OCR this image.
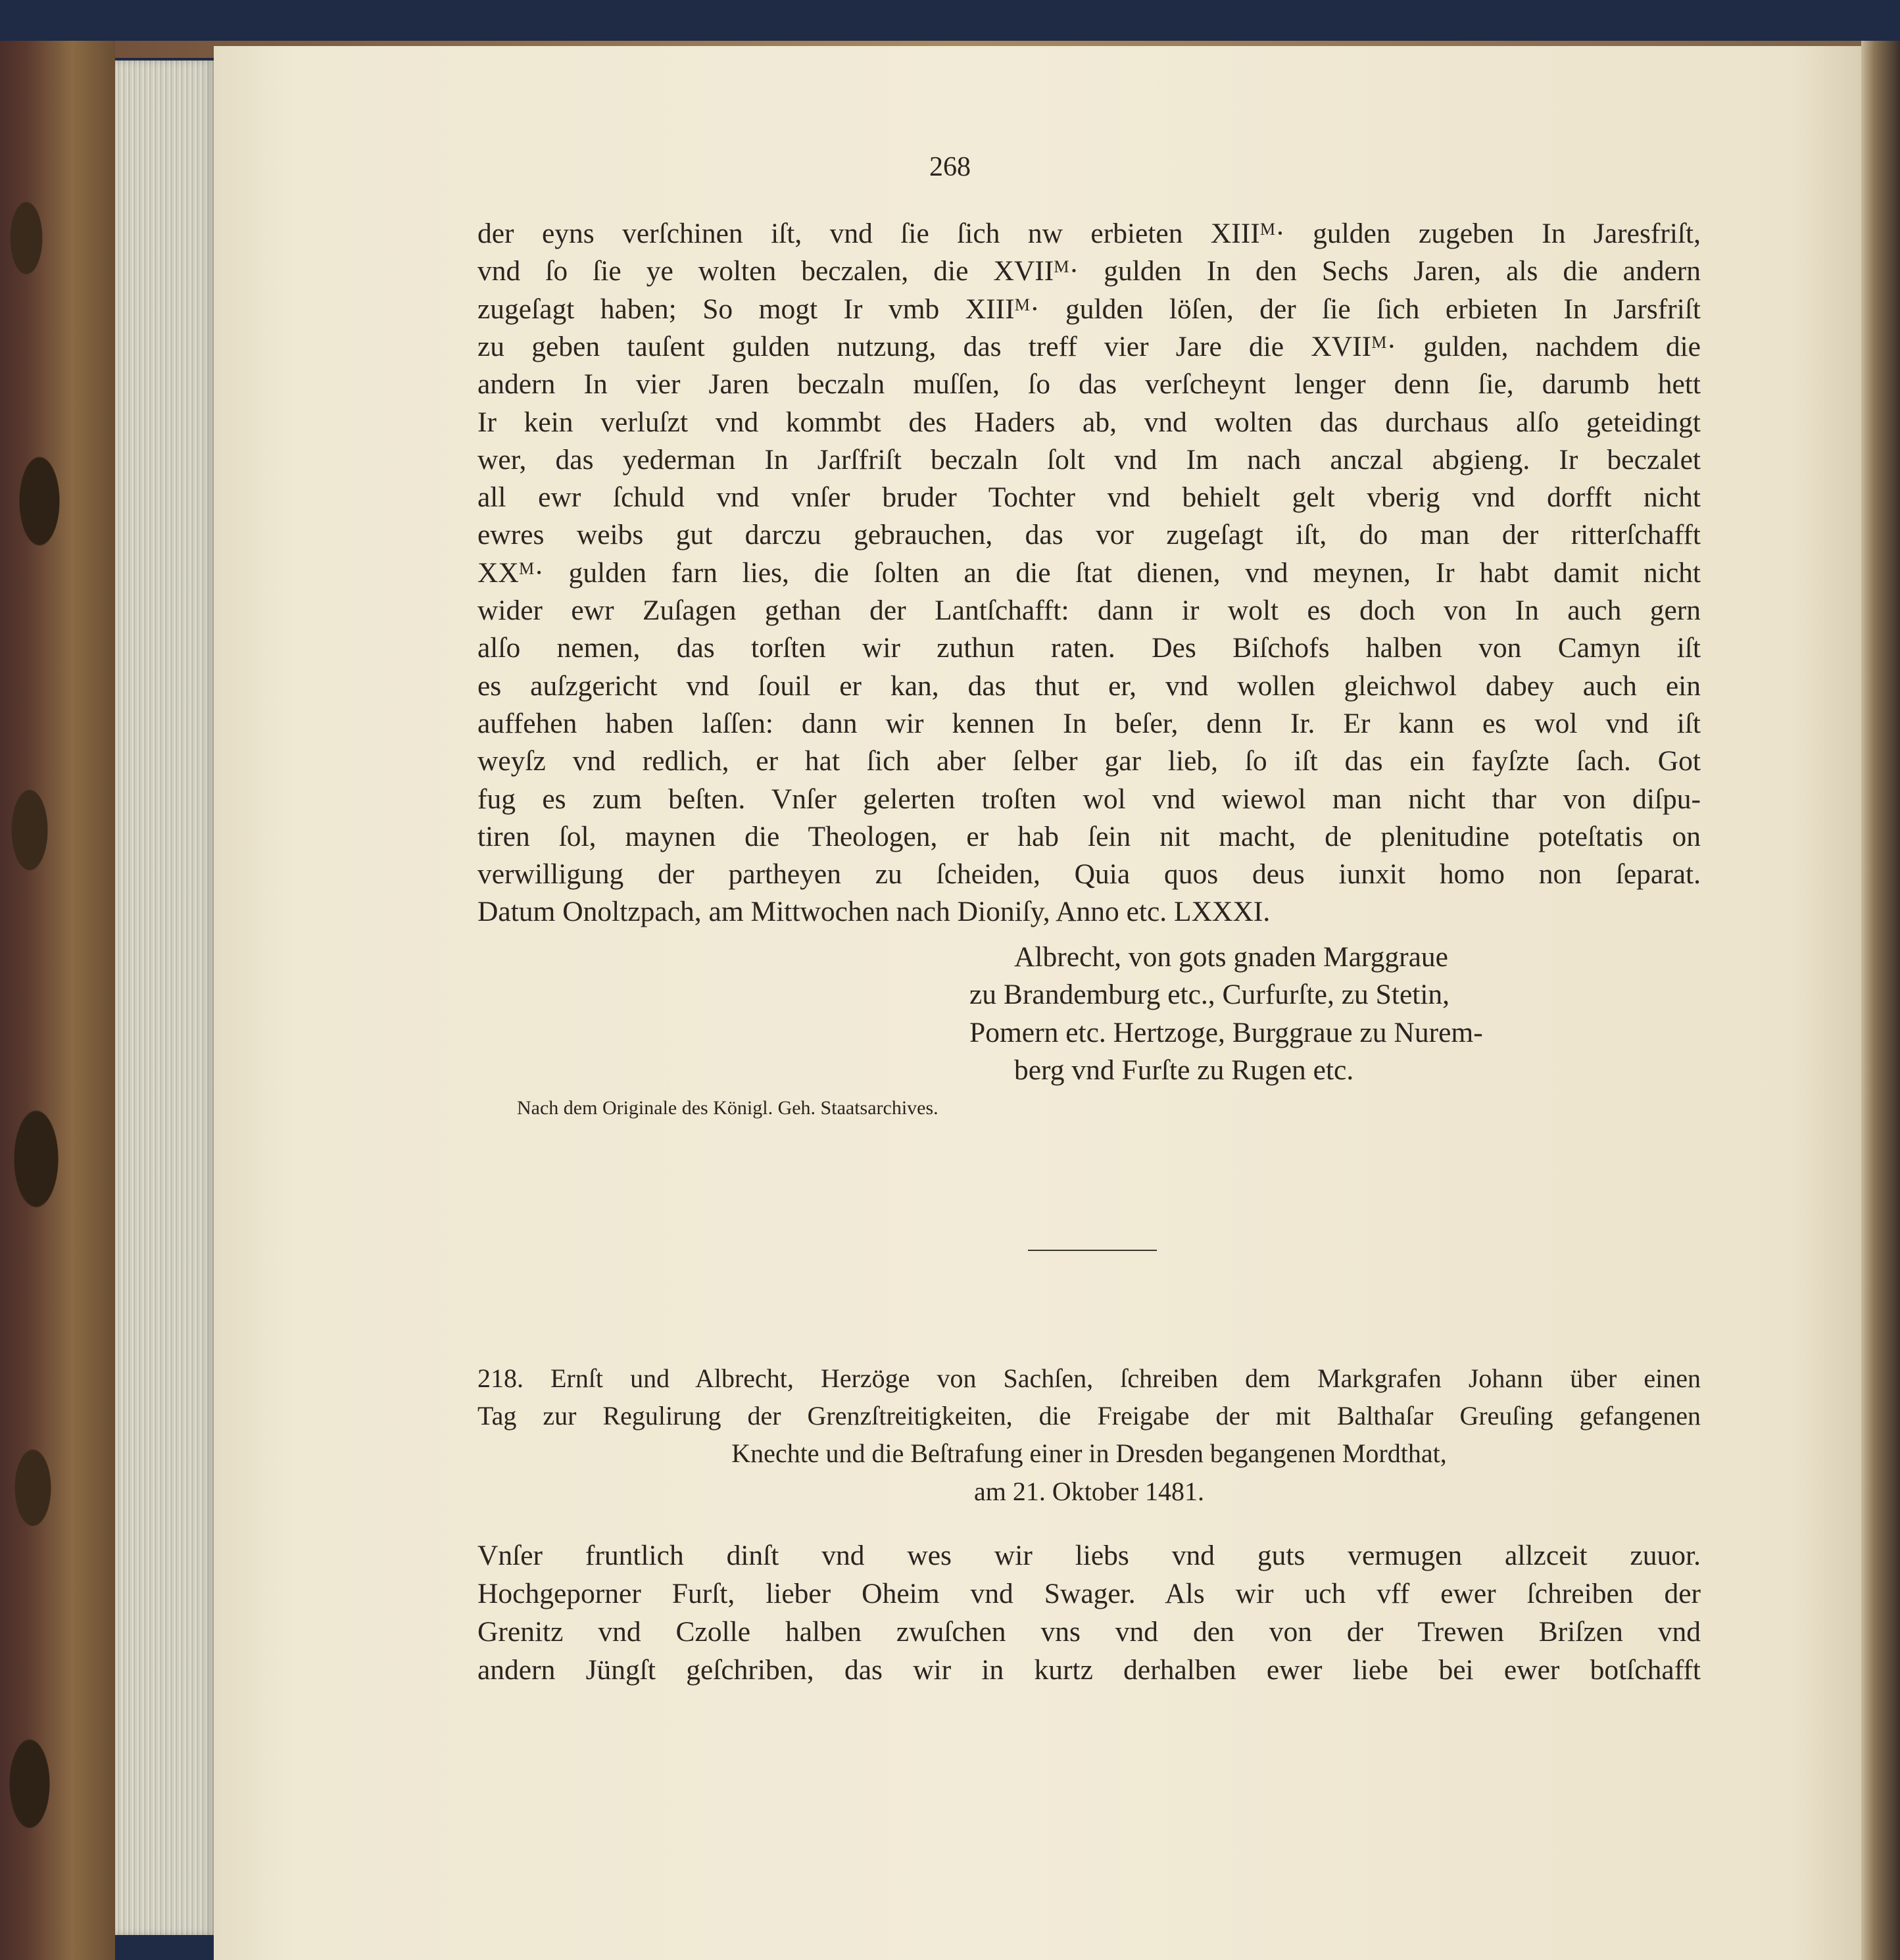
268
der eyns verſchinen iſt, vnd ſie ſich nw erbieten XIIIᴹ· gulden zugeben In Jaresfriſt,
vnd ſo ſie ye wolten beczalen, die XVIIᴹ· gulden In den Sechs Jaren, als die andern
zugeſagt haben; So mogt Ir vmb XIIIᴹ· gulden löſen, der ſie ſich erbieten In Jarsfriſt
zu geben tauſent gulden nutzung, das treff vier Jare die XVIIᴹ· gulden, nachdem die
andern In vier Jaren beczaln muſſen, ſo das verſcheynt lenger denn ſie, darumb hett
Ir kein verluſzt vnd kommbt des Haders ab, vnd wolten das durchaus alſo geteidingt
wer, das yederman In Jarſfriſt beczaln ſolt vnd Im nach anczal abgieng. Ir beczalet
all ewr ſchuld vnd vnſer bruder Tochter vnd behielt gelt vberig vnd dorfft nicht
ewres weibs gut darczu gebrauchen, das vor zugeſagt iſt, do man der ritterſchafft
XXᴹ· gulden farn lies, die ſolten an die ſtat dienen, vnd meynen, Ir habt damit nicht
wider ewr Zuſagen gethan der Lantſchafft: dann ir wolt es doch von In auch gern
alſo nemen, das torſten wir zuthun raten. Des Biſchofs halben von Camyn iſt
es auſzgericht vnd ſouil er kan, das thut er, vnd wollen gleichwol dabey auch ein
auffehen haben laſſen: dann wir kennen In beſer, denn Ir. Er kann es wol vnd iſt
weyſz vnd redlich, er hat ſich aber ſelber gar lieb, ſo iſt das ein fayſzte ſach. Got
fug es zum beſten. Vnſer gelerten troſten wol vnd wiewol man nicht thar von diſpu-
tiren ſol, maynen die Theologen, er hab ſein nit macht, de plenitudine poteſtatis on
verwilligung der partheyen zu ſcheiden, Quia quos deus iunxit homo non ſeparat.
Datum Onoltzpach, am Mittwochen nach Dioniſy, Anno etc. LXXXI.
Albrecht, von gots gnaden Marggraue
zu Brandemburg etc., Curfurſte, zu Stetin,
Pomern etc. Hertzoge, Burggraue zu Nurem-
berg vnd Furſte zu Rugen etc.
Nach dem Originale des Königl. Geh. Staatsarchives.
218. Ernſt und Albrecht, Herzöge von Sachſen, ſchreiben dem Markgrafen Johann über einen
Tag zur Regulirung der Grenzſtreitigkeiten, die Freigabe der mit Balthaſar Greuſing gefangenen
Knechte und die Beſtrafung einer in Dresden begangenen Mordthat,
am 21. Oktober 1481.
Vnſer fruntlich dinſt vnd wes wir liebs vnd guts vermugen allzceit zuuor.
Hochgeporner Furſt, lieber Oheim vnd Swager. Als wir uch vff ewer ſchreiben der
Grenitz vnd Czolle halben zwuſchen vns vnd den von der Trewen Briſzen vnd
andern Jüngſt geſchriben, das wir in kurtz derhalben ewer liebe bei ewer botſchafft
